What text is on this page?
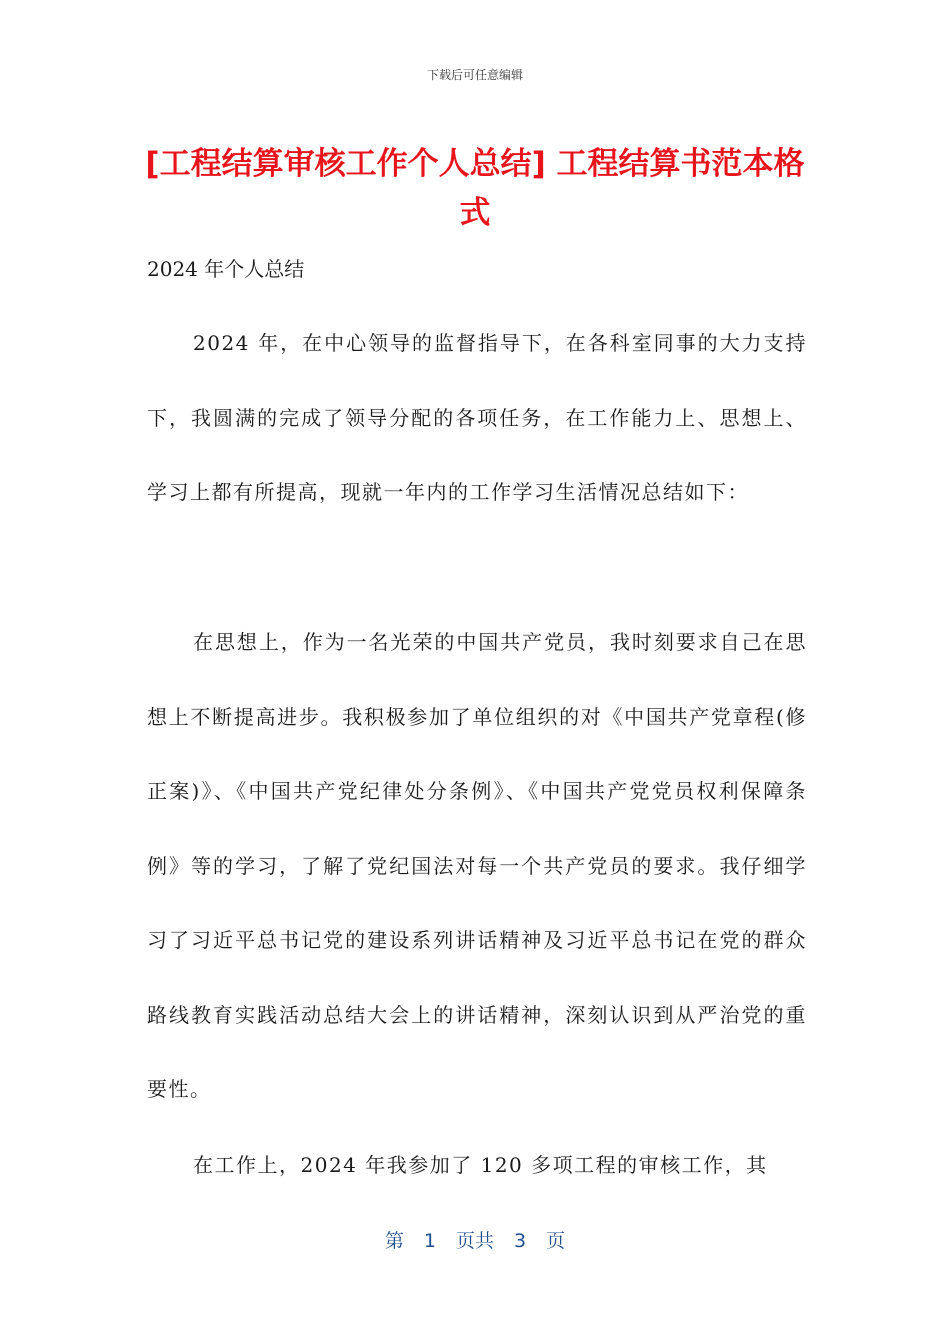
下载后可任意编辑
[工程结算审核工作个人总结] 工程结算书范本格式

2024 年个人总结

2024 年，在中心领导的监督指导下，在各科室同事的大力支持下，我圆满的完成了领导分配的各项任务，在工作能力上、思想上、学习上都有所提高，现就一年内的工作学习生活情况总结如下：

在思想上，作为一名光荣的中国共产党员，我时刻要求自己在思想上不断提高进步。我积极参加了单位组织的对《中国共产党章程(修正案)》、《中国共产党纪律处分条例》、《中国共产党党员权利保障条例》等的学习，了解了党纪国法对每一个共产党员的要求。我仔细学习了习近平总书记党的建设系列讲话精神及习近平总书记在党的群众路线教育实践活动总结大会上的讲话精神，深刻认识到从严治党的重要性。

在工作上，2024 年我参加了 120 多项工程的审核工作，其

第 1 页共 3 页
